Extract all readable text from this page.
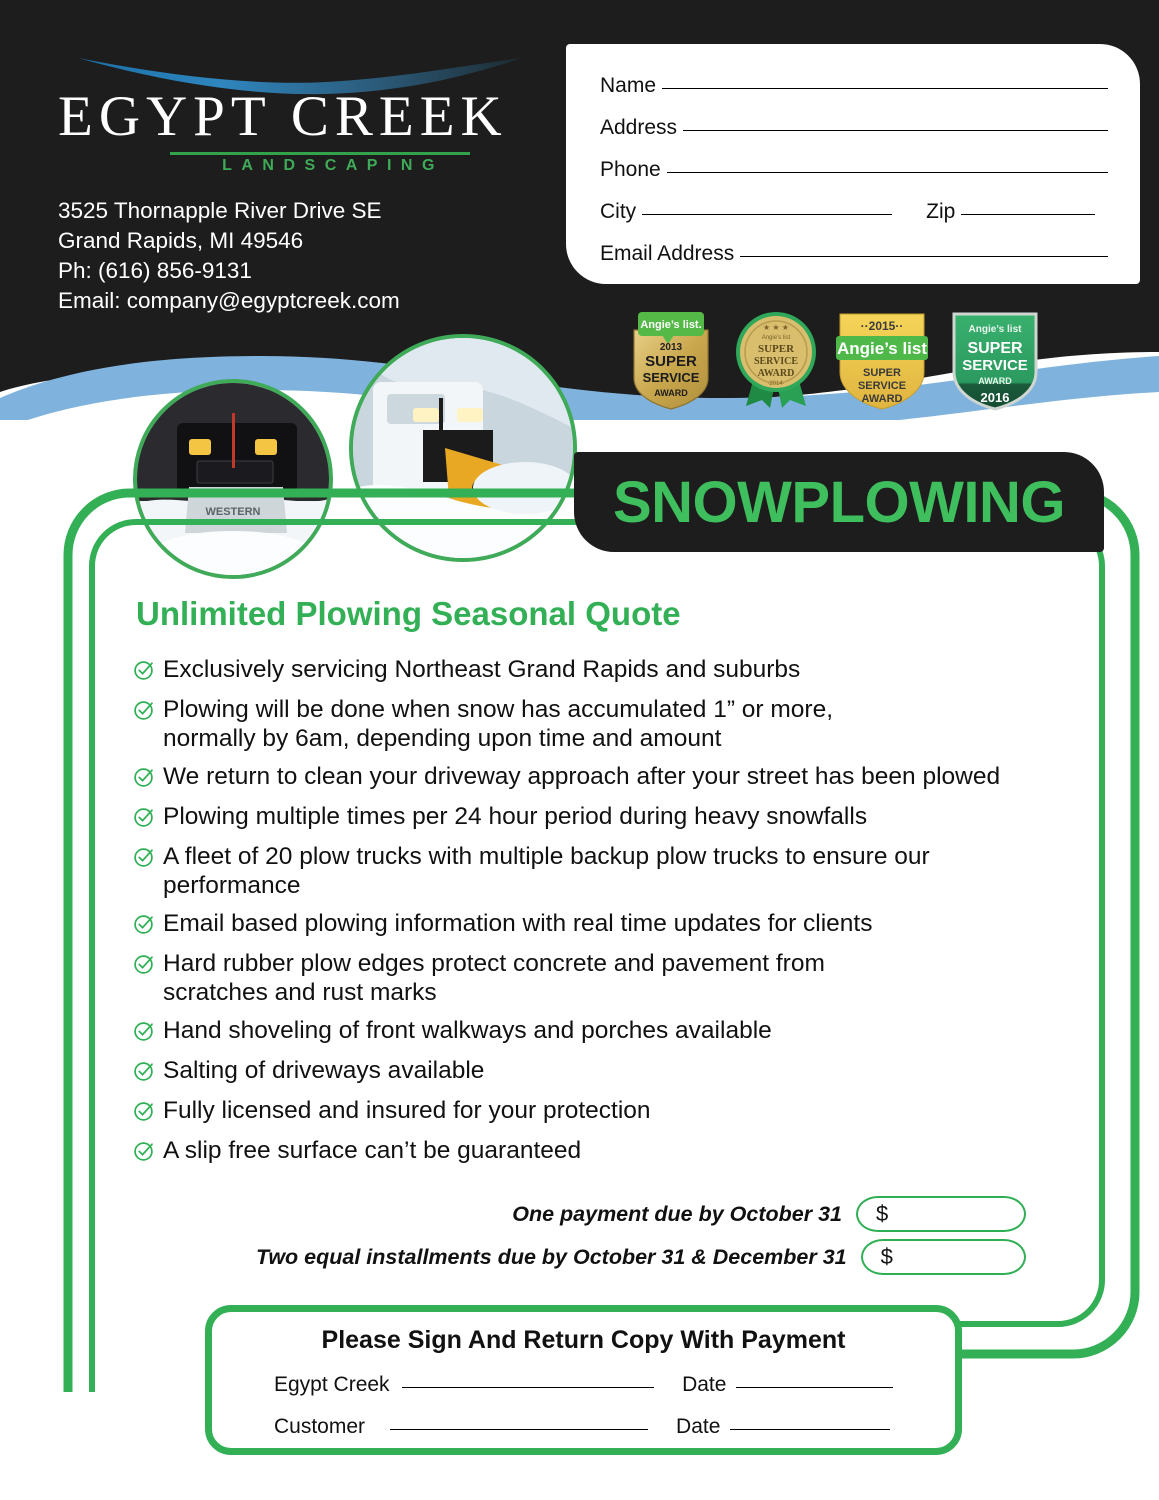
EGYPT CREEK
LANDSCAPING
3525 Thornapple River Drive SE
Grand Rapids, MI 49546
Ph: (616) 856-9131
Email: company@egyptcreek.com
Name
Address
Phone
City	Zip
Email Address
Angie’s list.
2013
SUPER
SERVICE
AWARD
★ ★ ★
Angie’s list
SUPER
SERVICE
AWARD
·2014·
··2015··
Angie’s list
SUPER
SERVICE
AWARD
Angie’s list
SUPER
SERVICE
AWARD
2016
WESTERN	SNOWPLOWING
Unlimited Plowing Seasonal Quote
Exclusively servicing Northeast Grand Rapids and suburbs
Plowing will be done when snow has accumulated 1” or more, normally by 6am, depending upon time and amount
We return to clean your driveway approach after your street has been plowed
Plowing multiple times per 24 hour period during heavy snowfalls
A fleet of 20 plow trucks with multiple backup plow trucks to ensure our performance
Email based plowing information with real time updates for clients
Hard rubber plow edges protect concrete and pavement from scratches and rust marks
Hand shoveling of front walkways and porches available
Salting of driveways available
Fully licensed and insured for your protection
A slip free surface can’t be guaranteed
One payment due by October 31 $
Two equal installments due by October 31 & December 31 $
Please Sign And Return Copy With Payment
Egypt Creek	Date
Customer	Date
